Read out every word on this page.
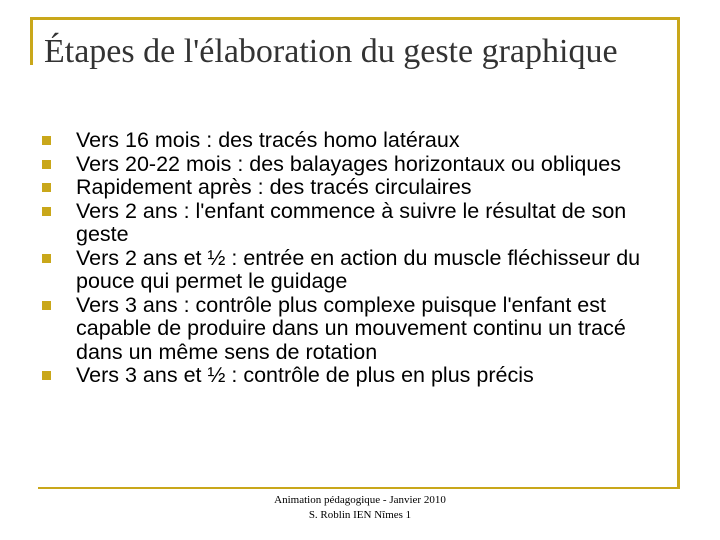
Étapes de l'élaboration du geste graphique
Vers 16 mois : des tracés homo latéraux
Vers 20-22 mois : des balayages horizontaux ou obliques
Rapidement après : des tracés circulaires
Vers 2 ans : l'enfant commence à suivre le résultat de son geste
Vers 2 ans et ½ : entrée en action du muscle fléchisseur du pouce qui permet le guidage
Vers 3 ans : contrôle plus complexe puisque l'enfant est capable de produire dans un mouvement continu un tracé dans un même sens de rotation
Vers 3 ans et ½ : contrôle de plus en plus précis
Animation pédagogique - Janvier 2010
S. Roblin IEN Nîmes 1
